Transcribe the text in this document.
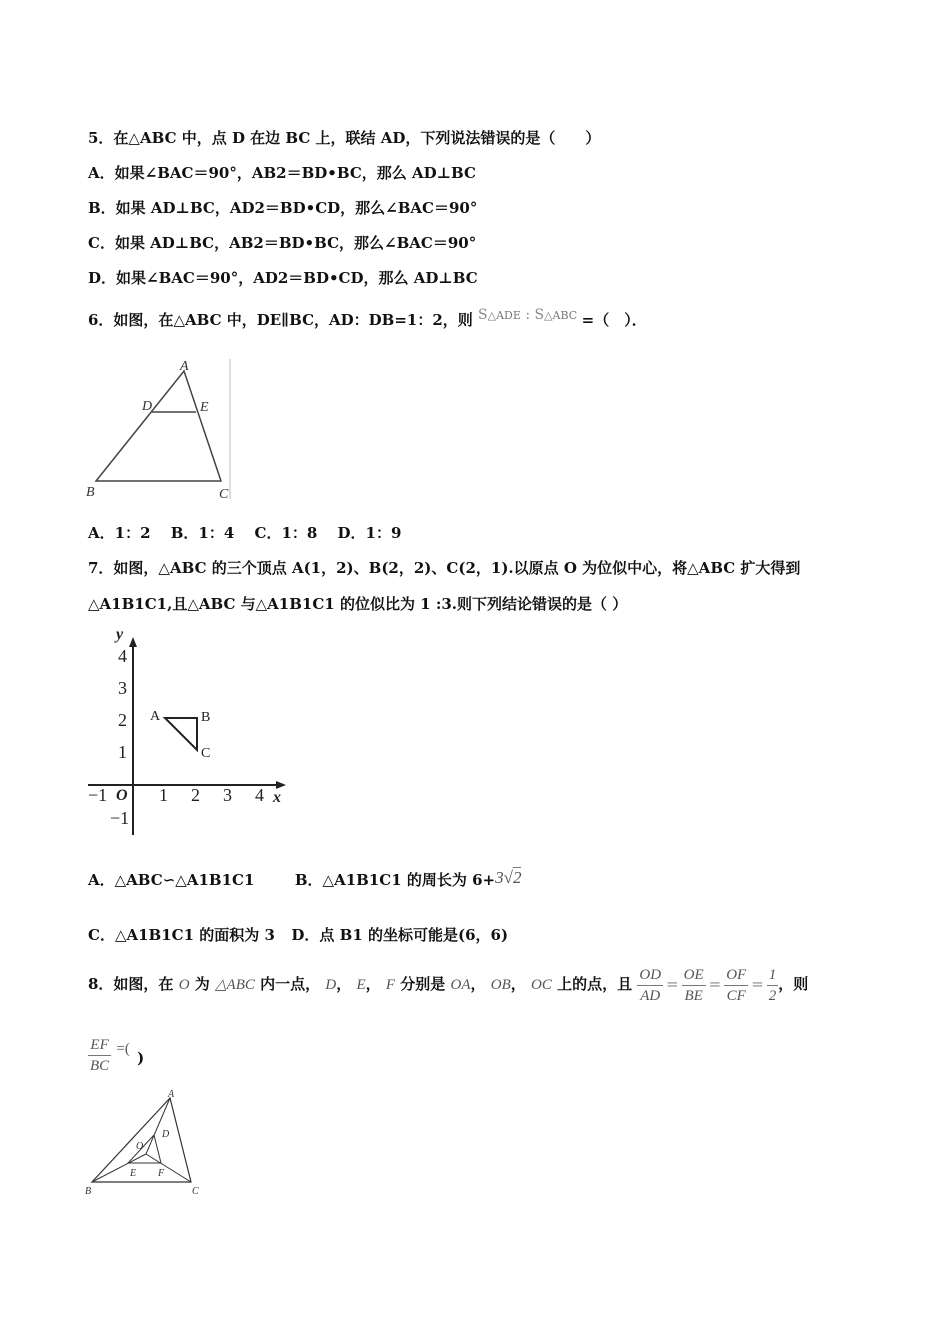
5．在△ABC 中，点 D 在边 BC 上，联结 AD，下列说法错误的是（　　）
A．如果∠BAC＝90°，AB2＝BD•BC，那么 AD⊥BC
B．如果 AD⊥BC，AD2＝BD•CD，那么∠BAC＝90°
C．如果 AD⊥BC，AB2＝BD•BC，那么∠BAC＝90°
D．如果∠BAC＝90°，AD2＝BD•CD，那么 AD⊥BC
6．如图，在△ABC 中，DE∥BC，AD：DB=1：2，则 S△ADE : S△ABC =（　）．
A
D	E
B	C
A．1：2　 B．1：4　 C．1：8　 D．1：9
7．如图，△ABC 的三个顶点 A(1，2)、B(2，2)、C(2，1).以原点 O 为位似中心，将△ABC 扩大得到
△A1B1C1,且△ABC 与△A1B1C1 的位似比为 1 :3.则下列结论错误的是（ ）
y
x
O
4
3
2
1
−1
−1	1 2 3 4
A	B
C
A．△ABC∽△A1B1C1	B．△A1B1C1 的周长为 6+3√2
C．△A1B1C1 的面积为 3 D．点 B1 的坐标可能是(6，6)
8．如图，在 O 为 △ABC 内一点， D， E， F 分别是 OA， OB， OC 上的点，且 $\frac{OD}{AD} = \frac{OE}{BE} = \frac{OF}{CF} = \frac{1}{2}$ ，则
$\frac{EF}{BC}$ =( )
A
D
O
E F
B	C
